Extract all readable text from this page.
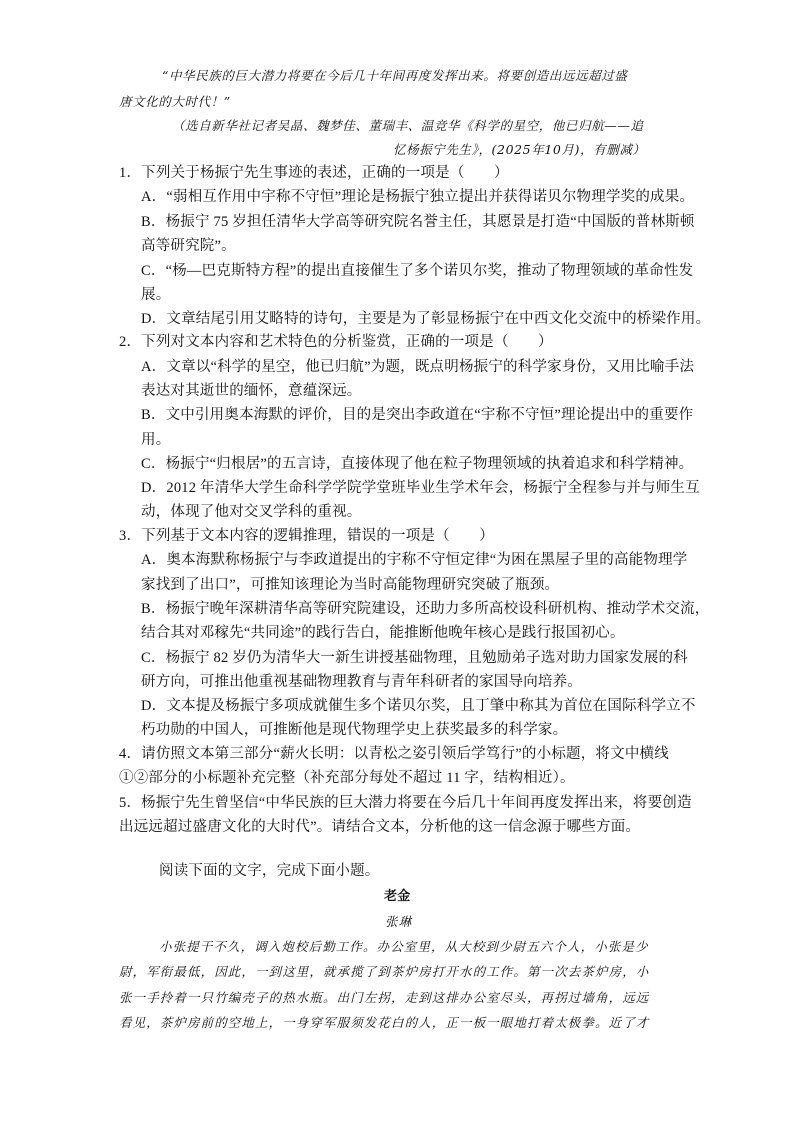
“中华民族的巨大潜力将要在今后几十年间再度发挥出来。将要创造出远远超过盛
唐文化的大时代！”
（选自新华社记者吴晶、魏梦佳、董瑞丰、温竞华《科学的星空，他已归航——追
忆杨振宁先生》，(2025年10月)，有删减）
1．下列关于杨振宁先生事迹的表述，正确的一项是（　　）
A．“弱相互作用中宇称不守恒”理论是杨振宁独立提出并获得诺贝尔物理学奖的成果。
B．杨振宁 75 岁担任清华大学高等研究院名誉主任，其愿景是打造“中国版的普林斯顿
高等研究院”。
C．“杨—巴克斯特方程”的提出直接催生了多个诺贝尔奖，推动了物理领域的革命性发
展。
D．文章结尾引用艾略特的诗句，主要是为了彰显杨振宁在中西文化交流中的桥梁作用。
2．下列对文本内容和艺术特色的分析鉴赏，正确的一项是（　　）
A．文章以“科学的星空，他已归航”为题，既点明杨振宁的科学家身份，又用比喻手法
表达对其逝世的缅怀，意蕴深远。
B．文中引用奥本海默的评价，目的是突出李政道在“宇称不守恒”理论提出中的重要作
用。
C．杨振宁“归根居”的五言诗，直接体现了他在粒子物理领域的执着追求和科学精神。
D．2012 年清华大学生命科学学院学堂班毕业生学术年会，杨振宁全程参与并与师生互
动，体现了他对交叉学科的重视。
3．下列基于文本内容的逻辑推理，错误的一项是（　　）
A．奥本海默称杨振宁与李政道提出的宇称不守恒定律“为困在黑屋子里的高能物理学
家找到了出口”，可推知该理论为当时高能物理研究突破了瓶颈。
B．杨振宁晚年深耕清华高等研究院建设，还助力多所高校设科研机构、推动学术交流，
结合其对邓稼先“共同途”的践行告白，能推断他晚年核心是践行报国初心。
C．杨振宁 82 岁仍为清华大一新生讲授基础物理，且勉励弟子选对助力国家发展的科
研方向，可推出他重视基础物理教育与青年科研者的家国导向培养。
D．文本提及杨振宁多项成就催生多个诺贝尔奖，且丁肇中称其为首位在国际科学立不
朽功勋的中国人，可推断他是现代物理学史上获奖最多的科学家。
4．请仿照文本第三部分“薪火长明：以青松之姿引领后学笃行”的小标题，将文中横线
①②部分的小标题补充完整（补充部分每处不超过 11 字，结构相近）。
5．杨振宁先生曾坚信“中华民族的巨大潜力将要在今后几十年间再度发挥出来，将要创造
出远远超过盛唐文化的大时代”。请结合文本，分析他的这一信念源于哪些方面。
阅读下面的文字，完成下面小题。
老金
张琳
小张提干不久，调入炮校后勤工作。办公室里，从大校到少尉五六个人，小张是少
尉，军衔最低，因此，一到这里，就承揽了到茶炉房打开水的工作。第一次去茶炉房，小
张一手拎着一只竹编壳子的热水瓶。出门左拐，走到这排办公室尽头，再拐过墙角，远远
看见，茶炉房前的空地上，一身穿军服须发花白的人，正一板一眼地打着太极拳。近了才
